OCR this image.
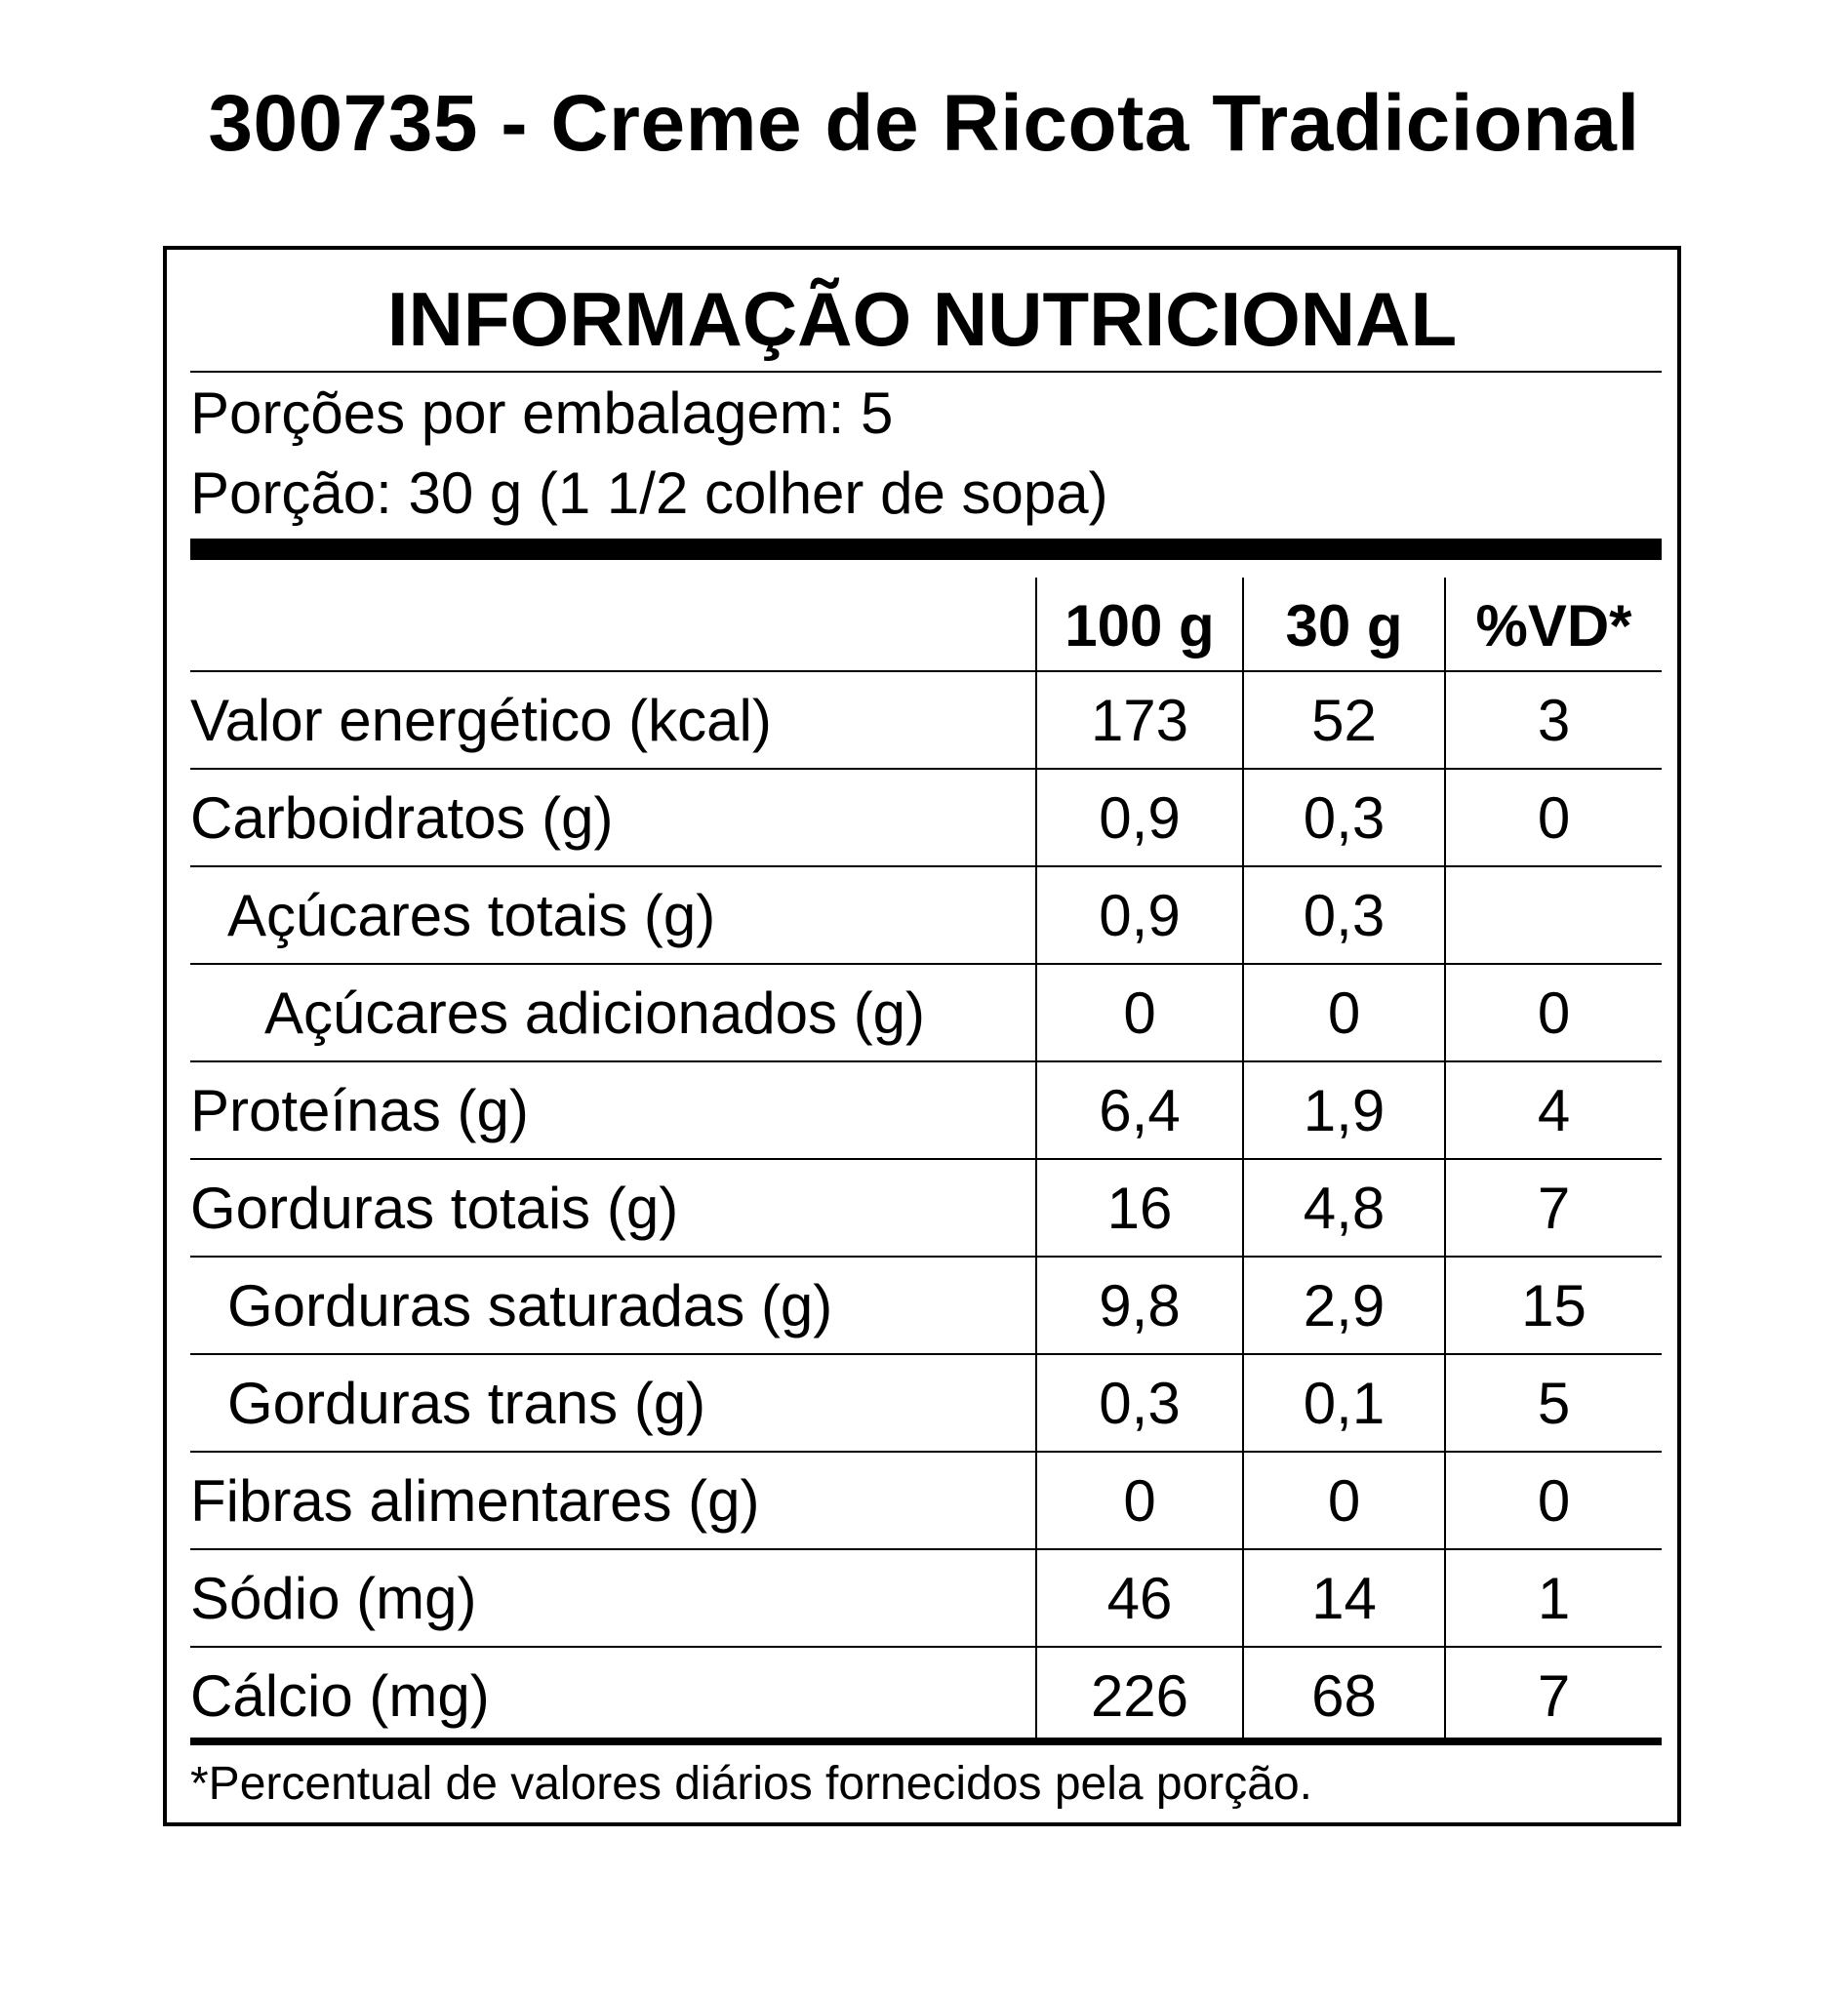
300735 - Creme de Ricota Tradicional
INFORMAÇÃO NUTRICIONAL
Porções por embalagem: 5
Porção: 30 g (1 1/2 colher de sopa)
100 g	30 g	%VD*
Valor energético (kcal)	173	52	3
Carboidratos (g)	0,9	0,3	0
Açúcares totais (g)	0,9	0,3
Açúcares adicionados (g)	0	0	0
Proteínas (g)	6,4	1,9	4
Gorduras totais (g)	16	4,8	7
Gorduras saturadas (g)	9,8	2,9	15
Gorduras trans (g)	0,3	0,1	5
Fibras alimentares (g)	0	0	0
Sódio (mg)	46	14	1
Cálcio (mg)	226	68	7
*Percentual de valores diários fornecidos pela porção.
